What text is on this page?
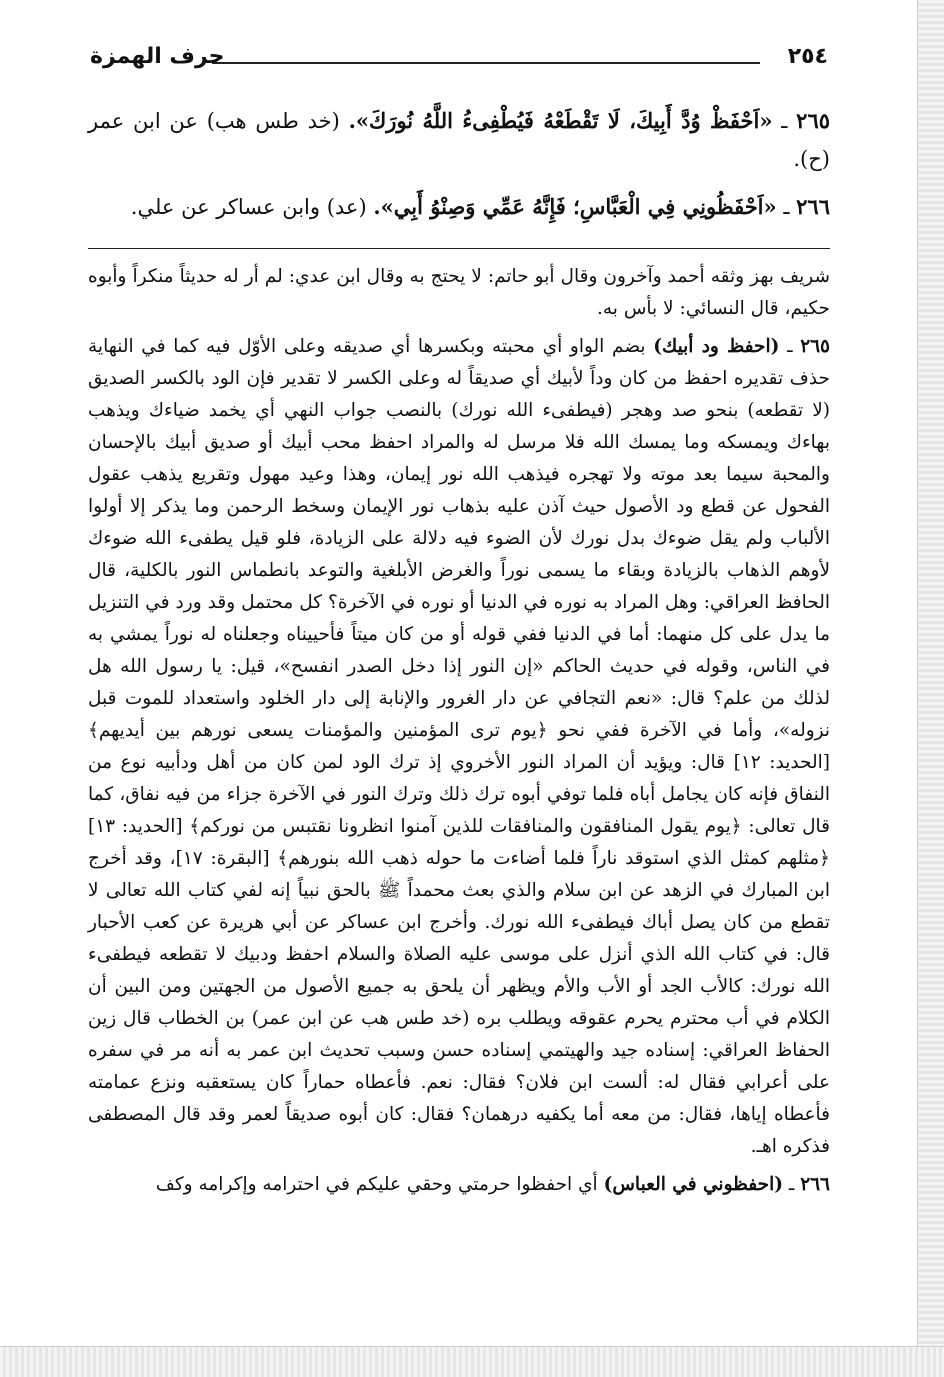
٢٥٤
حرف الهمزة

٢٦٥ ـ «اَحْفَظْ وُدَّ أَبِيكَ، لَا تَقْطَعْهُ فَيُطْفِىءُ اللَّهُ نُورَكَ». (خد طس هب) عن ابن عمر (ح).

٢٦٦ ـ «اَحْفَظُونِي فِي الْعَبَّاسِ؛ فَإِنَّهُ عَمِّي وَصِنْوُ أَبِي». (عد) وابن عساكر عن علي.

شريف بهز وثقه أحمد وآخرون وقال أبو حاتم: لا يحتج به وقال ابن عدي: لم أر له حديثاً منكراً وأبوه حكيم، قال النسائي: لا بأس به.

٢٦٥ ـ (احفظ ود أبيك) بضم الواو أي محبته وبكسرها أي صديقه وعلى الأوّل فيه كما في النهاية حذف تقديره احفظ من كان وداً لأبيك أي صديقاً له وعلى الكسر لا تقدير فإن الود بالكسر الصديق (لا تقطعه) بنحو صد وهجر (فيطفىء الله نورك) بالنصب جواب النهي أي يخمد ضياءك ويذهب بهاءك ويمسكه وما يمسك الله فلا مرسل له والمراد احفظ محب أبيك أو صديق أبيك بالإحسان والمحبة سيما بعد موته ولا تهجره فيذهب الله نور إيمان، وهذا وعيد مهول وتقريع يذهب عقول الفحول عن قطع ود الأصول حيث آذن عليه بذهاب نور الإيمان وسخط الرحمن وما يذكر إلا أولوا الألباب ولم يقل ضوءك بدل نورك لأن الضوء فيه دلالة على الزيادة، فلو قيل يطفىء الله ضوءك لأوهم الذهاب بالزيادة وبقاء ما يسمى نوراً والغرض الأبلغية والتوعد بانطماس النور بالكلية، قال الحافظ العراقي: وهل المراد به نوره في الدنيا أو نوره في الآخرة؟ كل محتمل وقد ورد في التنزيل ما يدل على كل منهما: أما في الدنيا ففي قوله أو من كان ميتاً فأحييناه وجعلناه له نوراً يمشي به في الناس، وقوله في حديث الحاكم «إن النور إذا دخل الصدر انفسح»، قيل: يا رسول الله هل لذلك من علم؟ قال: «نعم التجافي عن دار الغرور والإنابة إلى دار الخلود واستعداد للموت قبل نزوله»، وأما في الآخرة ففي نحو ﴿يوم ترى المؤمنين والمؤمنات يسعى نورهم بين أيديهم﴾ [الحديد: ١٢] قال: ويؤيد أن المراد النور الأخروي إذ ترك الود لمن كان من أهل ودأبيه نوع من النفاق فإنه كان يجامل أباه فلما توفي أبوه ترك ذلك وترك النور في الآخرة جزاء من فيه نفاق، كما قال تعالى: ﴿يوم يقول المنافقون والمنافقات للذين آمنوا انظرونا نقتبس من نوركم﴾ [الحديد: ١٣] ﴿مثلهم كمثل الذي استوقد ناراً فلما أضاءت ما حوله ذهب الله بنورهم﴾ [البقرة: ١٧]، وقد أخرج ابن المبارك في الزهد عن ابن سلام والذي بعث محمداً ﷺ بالحق نبياً إنه لفي كتاب الله تعالى لا تقطع من كان يصل أباك فيطفىء الله نورك. وأخرج ابن عساكر عن أبي هريرة عن كعب الأحبار قال: في كتاب الله الذي أنزل على موسى عليه الصلاة والسلام احفظ ودبيك لا تقطعه فيطفىء الله نورك: كالأب الجد أو الأب والأم ويظهر أن يلحق به جميع الأصول من الجهتين ومن البين أن الكلام في أب محترم يحرم عقوقه ويطلب بره (خد طس هب عن ابن عمر) بن الخطاب قال زين الحفاظ العراقي: إسناده جيد والهيتمي إسناده حسن وسبب تحديث ابن عمر به أنه مر في سفره على أعرابي فقال له: ألست ابن فلان؟ فقال: نعم. فأعطاه حماراً كان يستعقبه ونزع عمامته فأعطاه إياها، فقال: من معه أما يكفيه درهمان؟ فقال: كان أبوه صديقاً لعمر وقد قال المصطفى فذكره اهـ.

٢٦٦ ـ (احفظوني في العباس) أي احفظوا حرمتي وحقي عليكم في احترامه وإكرامه وكف
